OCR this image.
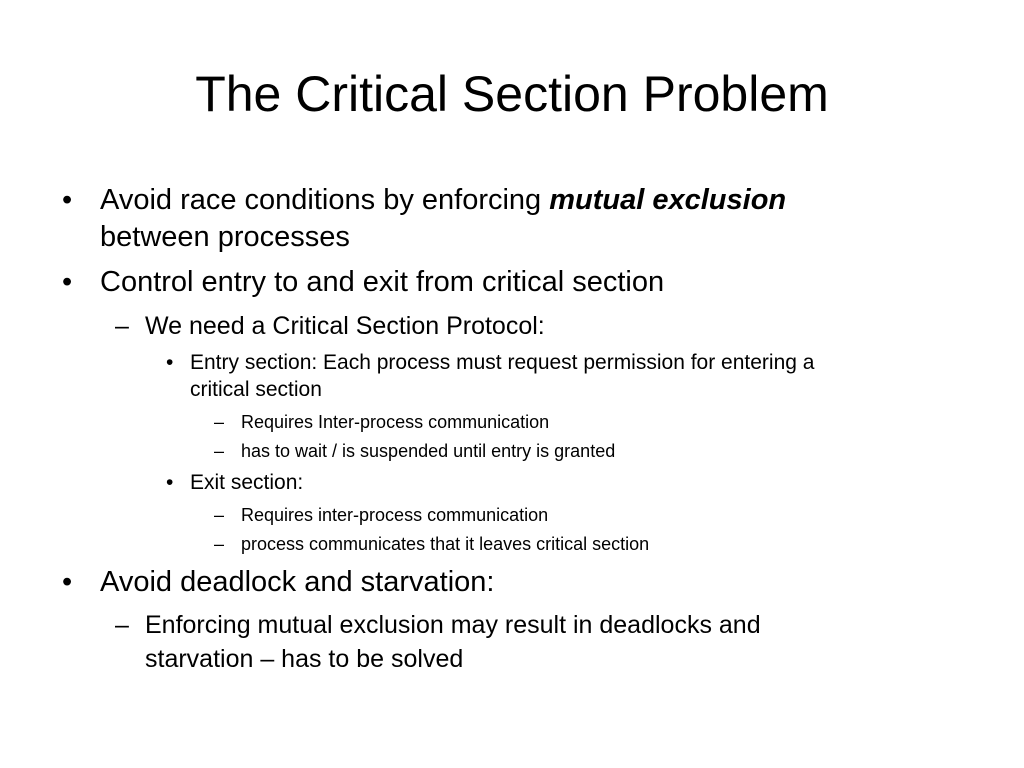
The Critical Section Problem
• Avoid race conditions by enforcing mutual exclusion
between processes
• Control entry to and exit from critical section
– We need a Critical Section Protocol:
• Entry section: Each process must request permission for entering a
critical section
– Requires Inter-process communication
– has to wait / is suspended until entry is granted
• Exit section:
– Requires inter-process communication
– process communicates that it leaves critical section
• Avoid deadlock and starvation:
– Enforcing mutual exclusion may result in deadlocks and
starvation – has to be solved
